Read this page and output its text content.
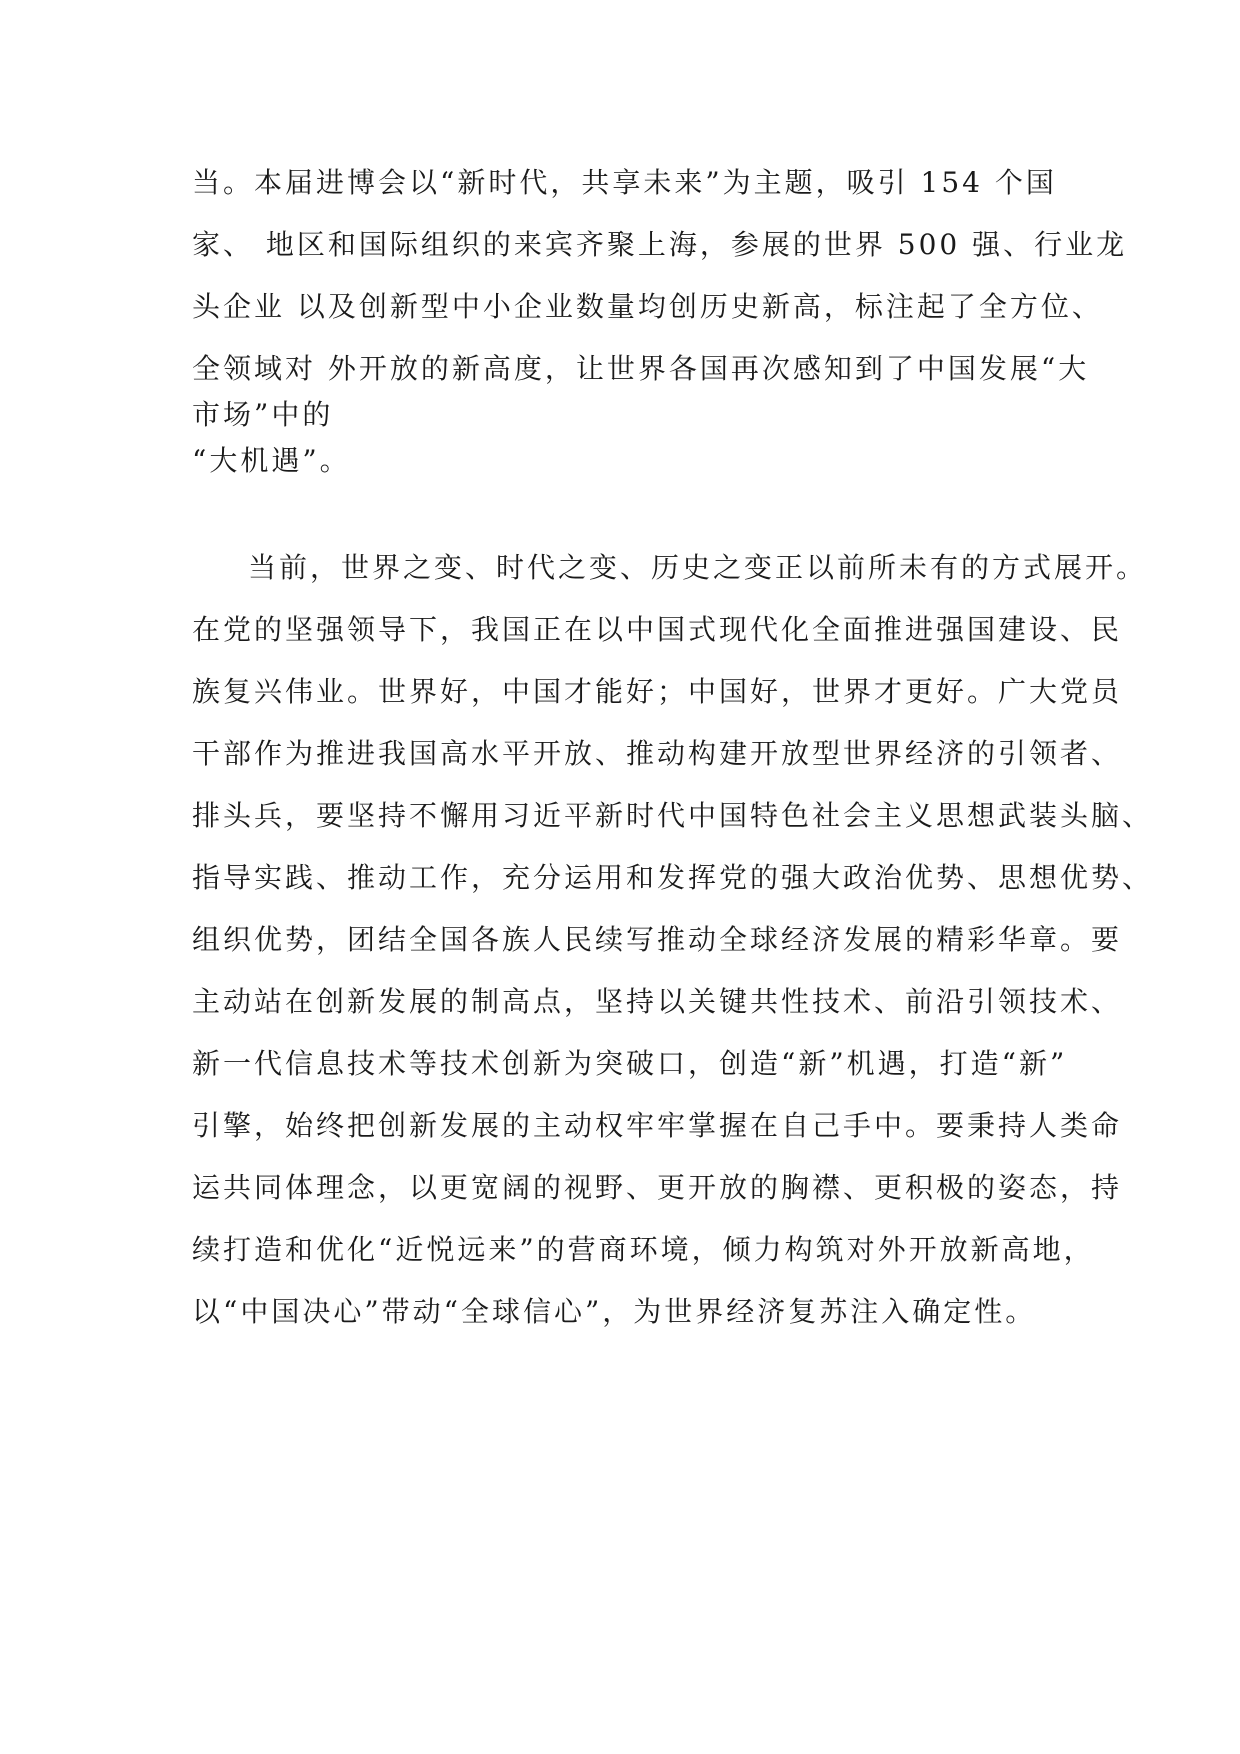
当。本届进博会以“新时代，共享未来”为主题，吸引 154 个国
家、 地区和国际组织的来宾齐聚上海，参展的世界 500 强、行业龙
头企业 以及创新型中小企业数量均创历史新高，标注起了全方位、
全领域对 外开放的新高度，让世界各国再次感知到了中国发展“大
市场”中的
“大机遇”。
当前，世界之变、时代之变、历史之变正以前所未有的方式展开。
在党的坚强领导下，我国正在以中国式现代化全面推进强国建设、民
族复兴伟业。世界好，中国才能好；中国好，世界才更好。广大党员
干部作为推进我国高水平开放、推动构建开放型世界经济的引领者、
排头兵，要坚持不懈用习近平新时代中国特色社会主义思想武装头脑、
指导实践、推动工作，充分运用和发挥党的强大政治优势、思想优势、
组织优势，团结全国各族人民续写推动全球经济发展的精彩华章。要
主动站在创新发展的制高点，坚持以关键共性技术、前沿引领技术、
新一代信息技术等技术创新为突破口，创造“新”机遇，打造“新”
引擎，始终把创新发展的主动权牢牢掌握在自己手中。要秉持人类命
运共同体理念，以更宽阔的视野、更开放的胸襟、更积极的姿态，持
续打造和优化“近悦远来”的营商环境，倾力构筑对外开放新高地，
以“中国决心”带动“全球信心”，为世界经济复苏注入确定性。
